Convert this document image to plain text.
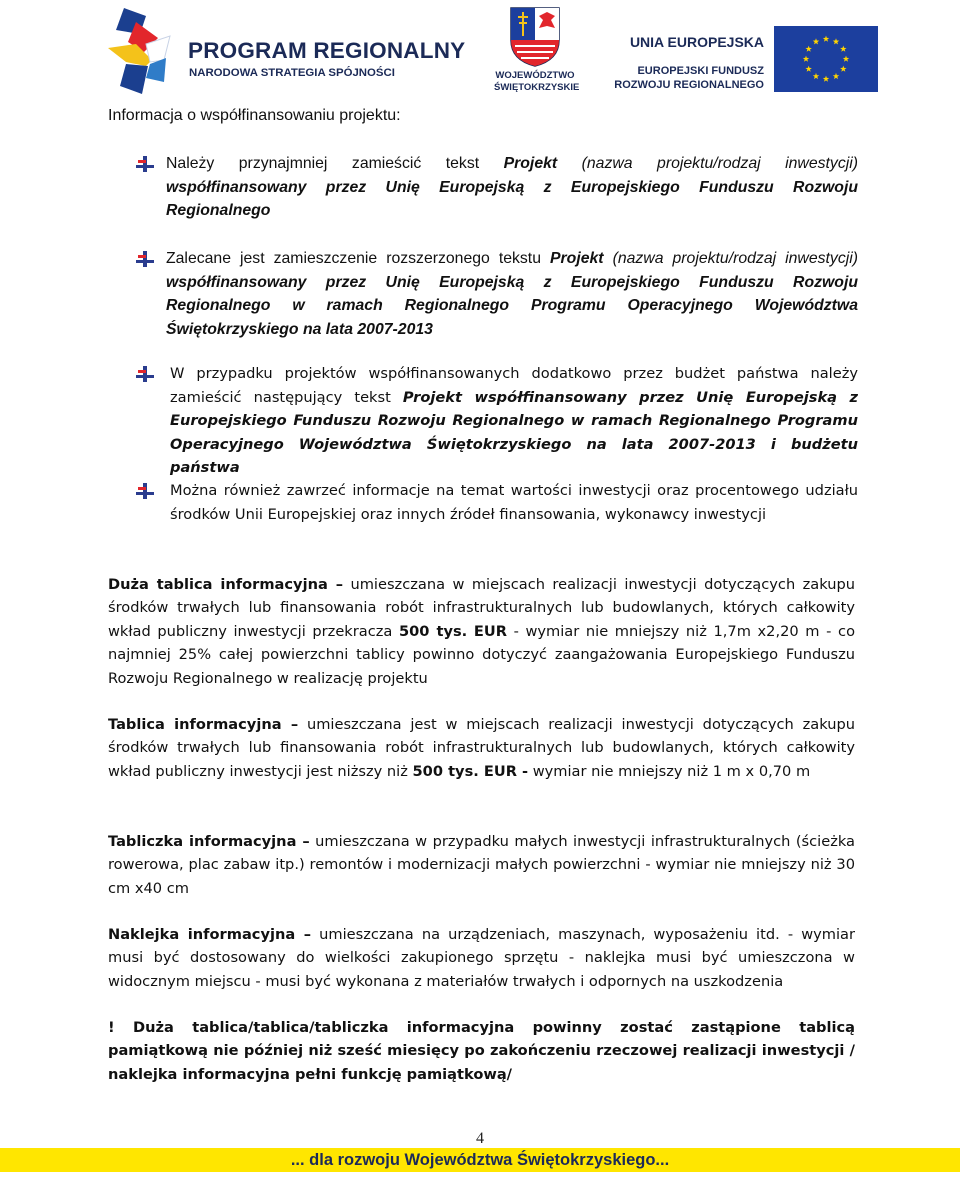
PROGRAM REGIONALNY
NARODOWA STRATEGIA SPÓJNOŚCI	WOJEWÓDZTWO
ŚWIĘTOKRZYSKIE
UNIA EUROPEJSKA
EUROPEJSKI FUNDUSZ
ROZWOJU REGIONALNEGO
Informacja o współfinansowaniu projektu:
Należy przynajmniej zamieścić tekst Projekt (nazwa projektu/rodzaj inwestycji) współfinansowany przez Unię Europejską z Europejskiego Funduszu Rozwoju Regionalnego
Zalecane jest zamieszczenie rozszerzonego tekstu Projekt (nazwa projektu/rodzaj inwestycji) współfinansowany przez Unię Europejską z Europejskiego Funduszu Rozwoju Regionalnego w ramach Regionalnego Programu Operacyjnego Województwa Świętokrzyskiego na lata 2007-2013
W przypadku projektów współfinansowanych dodatkowo przez budżet państwa należy zamieścić następujący tekst Projekt współfinansowany przez Unię Europejską z Europejskiego Funduszu Rozwoju Regionalnego w ramach Regionalnego Programu Operacyjnego Województwa Świętokrzyskiego na lata 2007-2013 i budżetu państwa
Można również zawrzeć informacje na temat wartości inwestycji oraz procentowego udziału środków Unii Europejskiej oraz innych źródeł finansowania, wykonawcy inwestycji
Duża tablica informacyjna – umieszczana w miejscach realizacji inwestycji dotyczących zakupu środków trwałych lub finansowania robót infrastrukturalnych lub budowlanych, których całkowity wkład publiczny inwestycji przekracza 500 tys. EUR - wymiar nie mniejszy niż 1,7m x2,20 m - co najmniej 25% całej powierzchni tablicy powinno dotyczyć zaangażowania Europejskiego Funduszu Rozwoju Regionalnego w realizację projektu
Tablica informacyjna – umieszczana jest w miejscach realizacji inwestycji dotyczących zakupu środków trwałych lub finansowania robót infrastrukturalnych lub budowlanych, których całkowity wkład publiczny inwestycji jest niższy niż 500 tys. EUR - wymiar nie mniejszy niż 1 m x 0,70 m
Tabliczka informacyjna – umieszczana w przypadku małych inwestycji infrastrukturalnych (ścieżka rowerowa, plac zabaw itp.) remontów i modernizacji małych powierzchni - wymiar nie mniejszy niż 30 cm x40 cm
Naklejka informacyjna – umieszczana na urządzeniach, maszynach, wyposażeniu itd. - wymiar musi być dostosowany do wielkości zakupionego sprzętu - naklejka musi być umieszczona w widocznym miejscu - musi być wykonana z materiałów trwałych i odpornych na uszkodzenia
! Duża tablica/tablica/tabliczka informacyjna powinny zostać zastąpione tablicą pamiątkową nie później niż sześć miesięcy po zakończeniu rzeczowej realizacji inwestycji / naklejka informacyjna pełni funkcję pamiątkową/
4
... dla rozwoju Województwa Świętokrzyskiego...
